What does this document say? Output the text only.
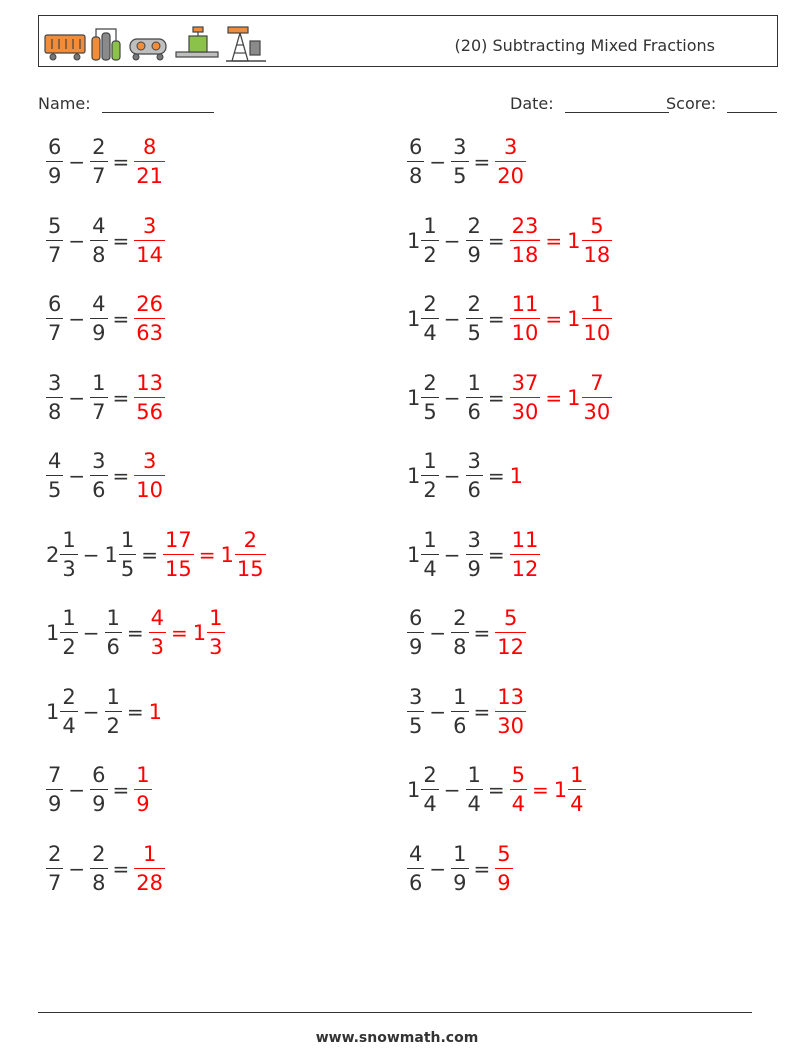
(20) Subtracting Mixed Fractions
Name:	Date:	Score:
$\frac{6}{9} - \frac{2}{7} = \frac{8}{21}$	$\frac{6}{8} - \frac{3}{5} = \frac{3}{20}$
$\frac{5}{7} - \frac{4}{8} = \frac{3}{14}$	$1 \frac{1}{2} - \frac{2}{9} = \frac{23}{18} = 1 \frac{5}{18}$
$\frac{6}{7} - \frac{4}{9} = \frac{26}{63}$	$1 \frac{2}{4} - \frac{2}{5} = \frac{11}{10} = 1 \frac{1}{10}$
$\frac{3}{8} - \frac{1}{7} = \frac{13}{56}$	$1 \frac{2}{5} - \frac{1}{6} = \frac{37}{30} = 1 \frac{7}{30}$
$\frac{4}{5} - \frac{3}{6} = \frac{3}{10}$	$1 \frac{1}{2} - \frac{3}{6} = 1$
$2 \frac{1}{3} - 1 \frac{1}{5} = \frac{17}{15} = 1 \frac{2}{15}$	$1 \frac{1}{4} - \frac{3}{9} = \frac{11}{12}$
$1 \frac{1}{2} - \frac{1}{6} = \frac{4}{3} = 1 \frac{1}{3}$	$\frac{6}{9} - \frac{2}{8} = \frac{5}{12}$
$1 \frac{2}{4} - \frac{1}{2} = 1$	$\frac{3}{5} - \frac{1}{6} = \frac{13}{30}$
$\frac{7}{9} - \frac{6}{9} = \frac{1}{9}$	$1 \frac{2}{4} - \frac{1}{4} = \frac{5}{4} = 1 \frac{1}{4}$
$\frac{2}{7} - \frac{2}{8} = \frac{1}{28}$	$\frac{4}{6} - \frac{1}{9} = \frac{5}{9}$
www.snowmath.com
